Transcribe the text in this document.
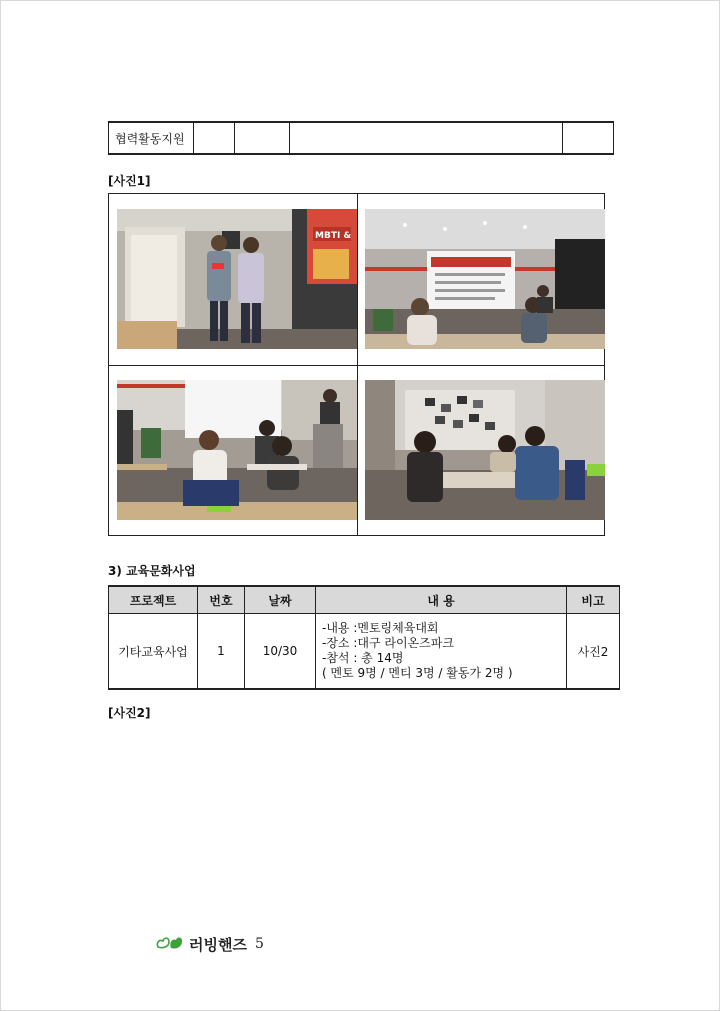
협력활동지원				
[사진1]
MBTI &
3) 교육문화사업
프로젝트	번호	날짜	내 용	비고
기타교육사업	1	10/30	-내용 :멘토링체육대회
-장소 :대구 라이온즈파크
-참석 : 총 14명
( 멘토 9명 / 멘티 3명 / 활동가 2명 )	사진2
[사진2]
러빙핸즈 5
